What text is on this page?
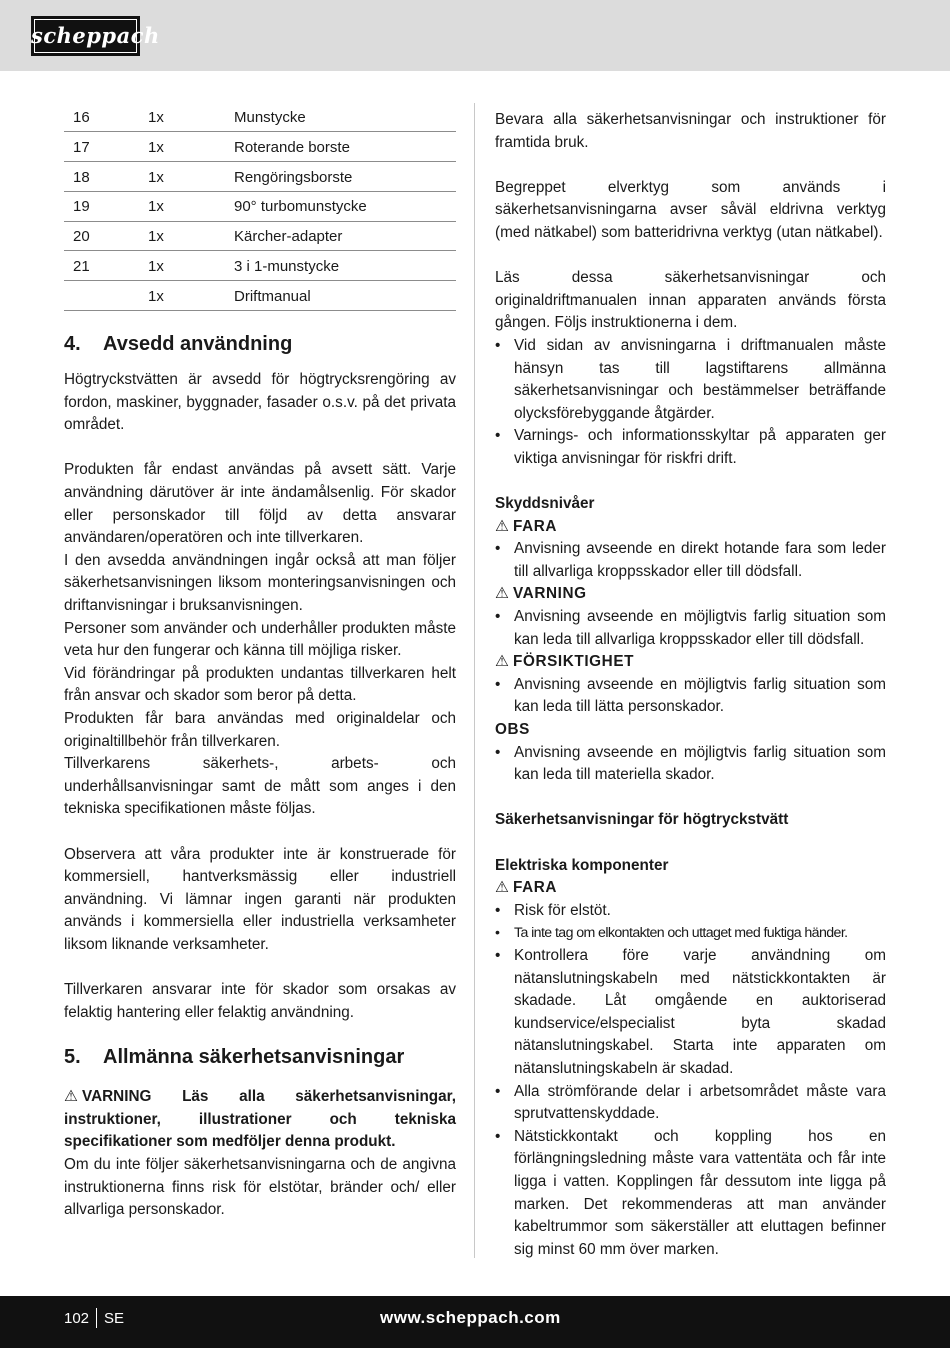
scheppach
16	1x	Munstycke
17	1x	Roterande borste
18	1x	Rengöringsborste
19	1x	90° turbomunstycke
20	1x	Kärcher-adapter
21	1x	3 i 1-munstycke
	1x	Driftmanual
4. Avsedd användning

Högtryckstvätten är avsedd för högtrycksrengöring av fordon, maskiner, byggnader, fasader o.s.v. på det privata området.

Produkten får endast användas på avsett sätt. Varje användning därutöver är inte ändamålsenlig. För skador eller personskador till följd av detta ansvarar användaren/operatören och inte tillverkaren.

I den avsedda användningen ingår också att man följer säkerhetsanvisningen liksom monteringsanvisningen och driftanvisningar i bruksanvisningen.

Personer som använder och underhåller produkten måste veta hur den fungerar och känna till möjliga risker.

Vid förändringar på produkten undantas tillverkaren helt från ansvar och skador som beror på detta.

Produkten får bara användas med originaldelar och originaltillbehör från tillverkaren.

Tillverkarens säkerhets-, arbets- och underhållsanvisningar samt de mått som anges i den tekniska specifikationen måste följas.

Observera att våra produkter inte är konstruerade för kommersiell, hantverksmässig eller industriell användning. Vi lämnar ingen garanti när produkten används i kommersiella eller industriella verksamheter liksom liknande verksamheter.

Tillverkaren ansvarar inte för skador som orsakas av felaktig hantering eller felaktig användning.

5. Allmänna säkerhetsanvisningar

⚠ VARNING Läs alla säkerhetsanvisningar, instruktioner, illustrationer och tekniska specifikationer som medföljer denna produkt.

Om du inte följer säkerhetsanvisningarna och de angivna instruktionerna finns risk för elstötar, bränder och/ eller allvarliga personskador.

Bevara alla säkerhetsanvisningar och instruktioner för framtida bruk.

Begreppet elverktyg som används i säkerhetsanvisningarna avser såväl eldrivna verktyg (med nätkabel) som batteridrivna verktyg (utan nätkabel).

Läs dessa säkerhetsanvisningar och originaldriftmanualen innan apparaten används första gången. Följs instruktionerna i dem.

• Vid sidan av anvisningarna i driftmanualen måste hänsyn tas till lagstiftarens allmänna säkerhetsanvisningar och bestämmelser beträffande olycksförebyggande åtgärder.
• Varnings- och informationsskyltar på apparaten ger viktiga anvisningar för riskfri drift.

Skyddsnivåer

⚠ FARA

• Anvisning avseende en direkt hotande fara som leder till allvarliga kroppsskador eller till dödsfall.

⚠ VARNING

• Anvisning avseende en möjligtvis farlig situation som kan leda till allvarliga kroppsskador eller till dödsfall.

⚠ FÖRSIKTIGHET

• Anvisning avseende en möjligtvis farlig situation som kan leda till lätta personskador.

OBS

• Anvisning avseende en möjligtvis farlig situation som kan leda till materiella skador.

Säkerhetsanvisningar för högtryckstvätt

Elektriska komponenter

⚠ FARA

• Risk för elstöt.
• Ta inte tag om elkontakten och uttaget med fuktiga händer.
• Kontrollera före varje användning om nätanslutningskabeln med nätstickkontakten är skadade. Låt omgående en auktoriserad kundservice/elspecialist byta skadad nätanslutningskabel. Starta inte apparaten om nätanslutningskabeln är skadad.
• Alla strömförande delar i arbetsområdet måste vara sprutvattenskyddade.
• Nätstickkontakt och koppling hos en förlängningsledning måste vara vattentäta och får inte ligga i vatten. Kopplingen får dessutom inte ligga på marken. Det rekommenderas att man använder kabeltrummor som säkerställer att eluttagen befinner sig minst 60 mm över marken.
102 SE	www.scheppach.com
